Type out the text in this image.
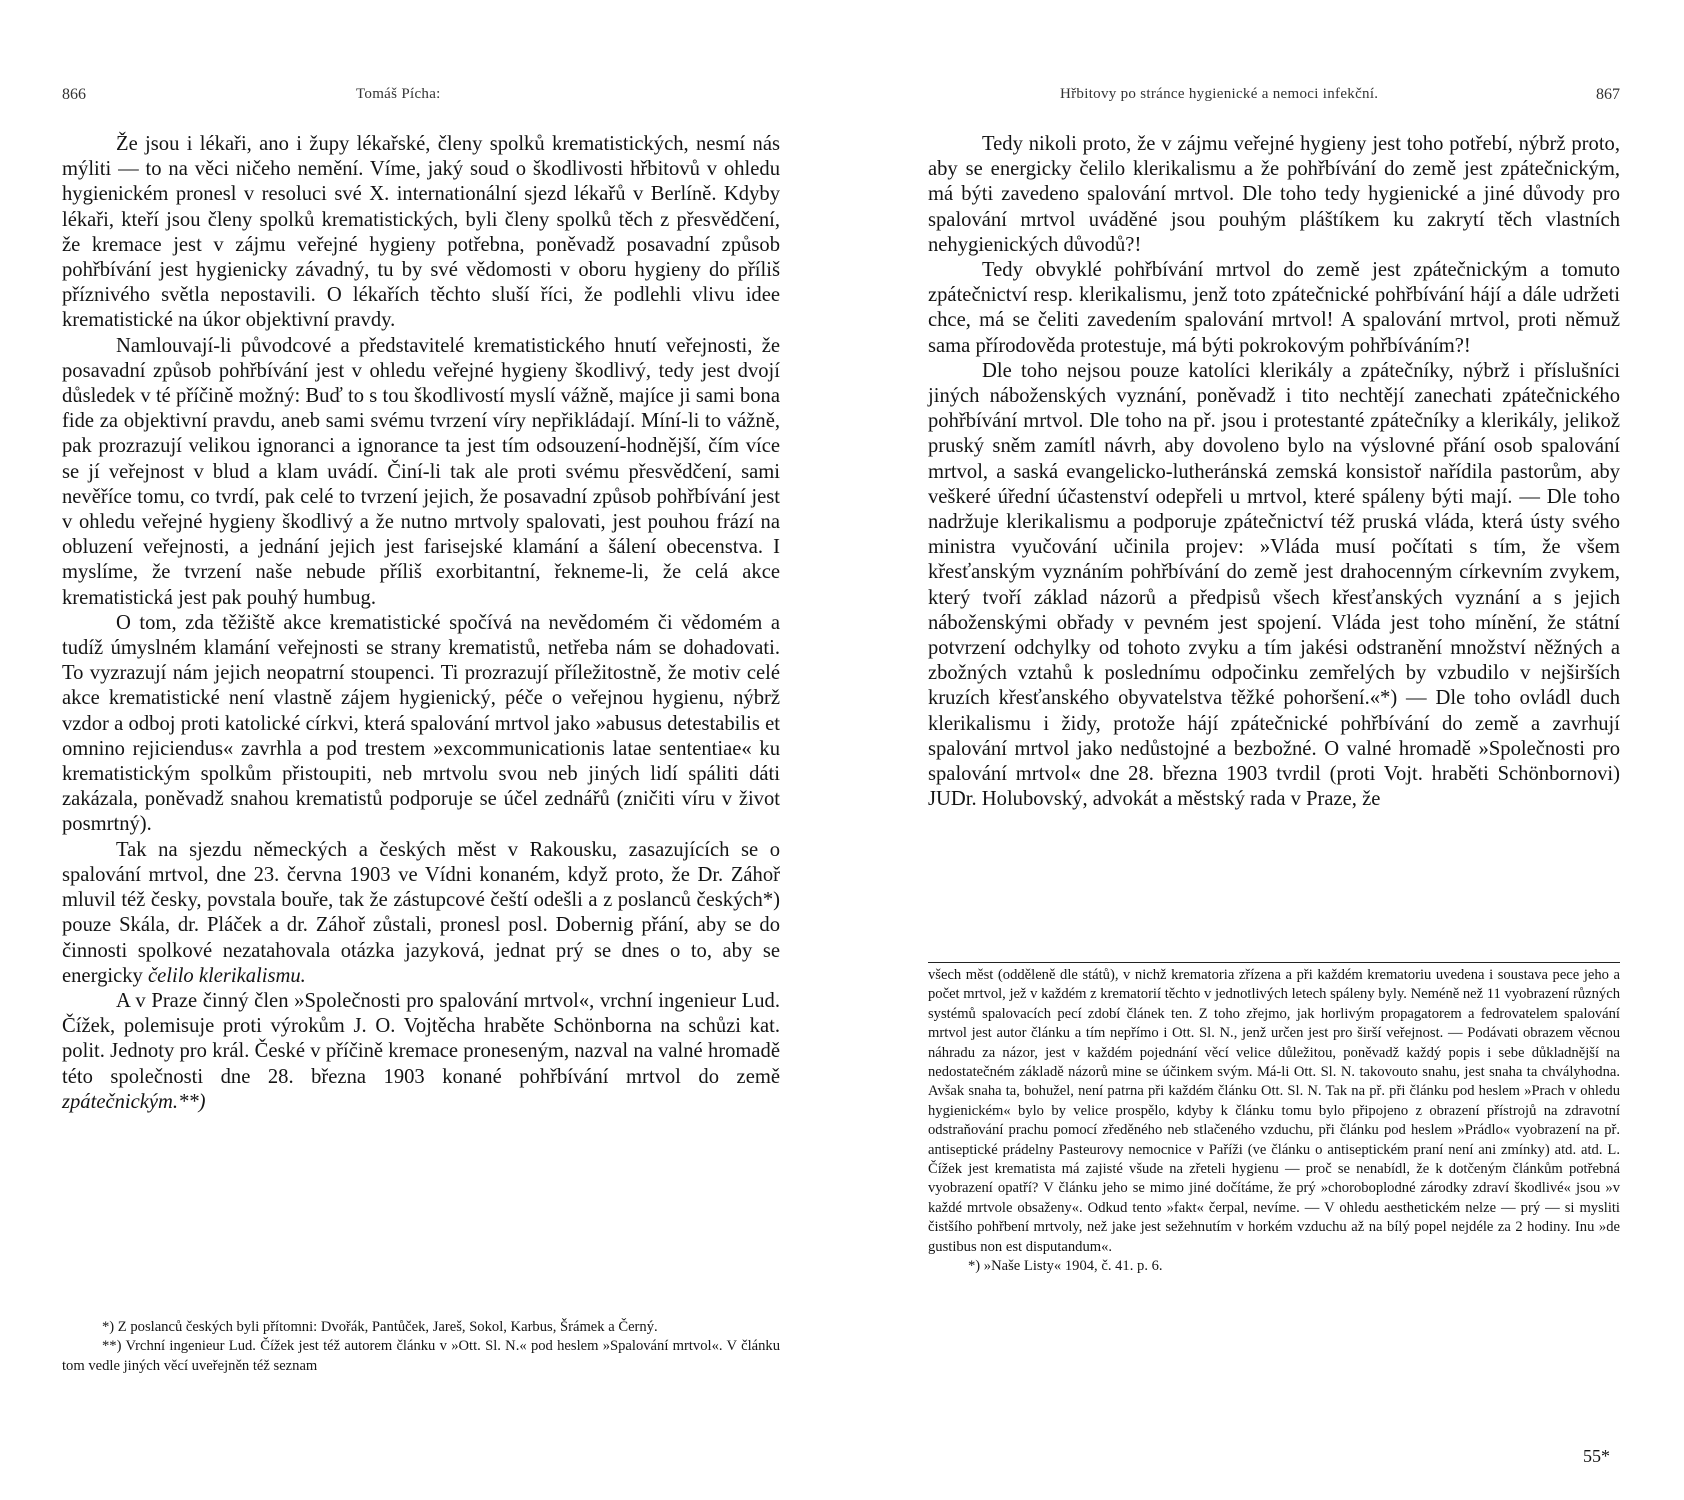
866	Tomáš Pícha:

Že jsou i lékaři, ano i župy lékařské, členy spolků krematistických, nesmí nás mýliti — to na věci ničeho nemění. Víme, jaký soud o škodlivosti hřbitovů v ohledu hygienickém pronesl v resoluci své X. internationální sjezd lékařů v Berlíně. Kdyby lékaři, kteří jsou členy spolků krematistických, byli členy spolků těch z přesvědčení, že kremace jest v zájmu veřejné hygieny potřebna, poněvadž posavadní způsob pohřbívání jest hygienicky závadný, tu by své vědomosti v oboru hygieny do příliš příznivého světla nepostavili. O lékařích těchto sluší říci, že podlehli vlivu idee krematistické na úkor objektivní pravdy.

Namlouvají-li původcové a představitelé krematistického hnutí veřejnosti, že posavadní způsob pohřbívání jest v ohledu veřejné hygieny škodlivý, tedy jest dvojí důsledek v té příčině možný: Buď to s tou škodlivostí myslí vážně, majíce ji sami bona fide za objektivní pravdu, aneb sami svému tvrzení víry nepřikládají. Míní-li to vážně, pak prozrazují velikou ignoranci a ignorance ta jest tím odsouzení-hodnější, čím více se jí veřejnost v blud a klam uvádí. Činí-li tak ale proti svému přesvědčení, sami nevěříce tomu, co tvrdí, pak celé to tvrzení jejich, že posavadní způsob pohřbívání jest v ohledu veřejné hygieny škodlivý a že nutno mrtvoly spalovati, jest pouhou frází na obluzení veřejnosti, a jednání jejich jest farisejské klamání a šálení obecenstva. I myslíme, že tvrzení naše nebude příliš exorbitantní, řekneme-li, že celá akce krematistická jest pak pouhý humbug.

O tom, zda těžiště akce krematistické spočívá na nevědomém či vědomém a tudíž úmyslném klamání veřejnosti se strany krematistů, netřeba nám se dohadovati. To vyzrazují nám jejich neopatrní stoupenci. Ti prozrazují příležitostně, že motiv celé akce krematistické není vlastně zájem hygienický, péče o veřejnou hygienu, nýbrž vzdor a odboj proti katolické církvi, která spalování mrtvol jako »abusus detestabilis et omnino rejiciendus« zavrhla a pod trestem »excommunicationis latae sententiae« ku krematistickým spolkům přistoupiti, neb mrtvolu svou neb jiných lidí spáliti dáti zakázala, poněvadž snahou krematistů podporuje se účel zednářů (zničiti víru v život posmrtný).

Tak na sjezdu německých a českých měst v Rakousku, zasazujících se o spalování mrtvol, dne 23. června 1903 ve Vídni konaném, když proto, že Dr. Záhoř mluvil též česky, povstala bouře, tak že zástupcové čeští odešli a z poslanců českých*) pouze Skála, dr. Pláček a dr. Záhoř zůstali, pronesl posl. Dobernig přání, aby se do činnosti spolkové nezatahovala otázka jazyková, jednat prý se dnes o to, aby se energicky čelilo klerikalismu.

A v Praze činný člen »Společnosti pro spalování mrtvol«, vrchní ingenieur Lud. Čížek, polemisuje proti výrokům J. O. Vojtěcha hraběte Schönborna na schůzi kat. polit. Jednoty pro král. České v příčině kremace proneseným, nazval na valné hromadě této společnosti dne 28. března 1903 konané pohřbívání mrtvol do země zpátečnickým.**)

*) Z poslanců českých byli přítomni: Dvořák, Pantůček, Jareš, Sokol, Karbus, Šrámek a Černý.

**) Vrchní ingenieur Lud. Čížek jest též autorem článku v »Ott. Sl. N.« pod heslem »Spalování mrtvol«. V článku tom vedle jiných věcí uveřejněn též seznam

Hřbitovy po stránce hygienické a nemoci infekční.	867

Tedy nikoli proto, že v zájmu veřejné hygieny jest toho potřebí, nýbrž proto, aby se energicky čelilo klerikalismu a že pohřbívání do země jest zpátečnickým, má býti zavedeno spalování mrtvol. Dle toho tedy hygienické a jiné důvody pro spalování mrtvol uváděné jsou pouhým pláštíkem ku zakrytí těch vlastních nehygienických důvodů?!

Tedy obvyklé pohřbívání mrtvol do země jest zpátečnickým a tomuto zpátečnictví resp. klerikalismu, jenž toto zpátečnické pohřbívání hájí a dále udržeti chce, má se čeliti zavedením spalování mrtvol! A spalování mrtvol, proti němuž sama přírodověda protestuje, má býti pokrokovým pohřbíváním?!

Dle toho nejsou pouze katolíci klerikály a zpátečníky, nýbrž i příslušníci jiných náboženských vyznání, poněvadž i tito nechtějí zanechati zpátečnického pohřbívání mrtvol. Dle toho na př. jsou i protestanté zpátečníky a klerikály, jelikož pruský sněm zamítl návrh, aby dovoleno bylo na výslovné přání osob spalování mrtvol, a saská evangelicko-lutheránská zemská konsistoř nařídila pastorům, aby veškeré úřední účastenství odepřeli u mrtvol, které spáleny býti mají. — Dle toho nadržuje klerikalismu a podporuje zpátečnictví též pruská vláda, která ústy svého ministra vyučování učinila projev: »Vláda musí počítati s tím, že všem křesťanským vyznáním pohřbívání do země jest drahocenným církevním zvykem, který tvoří základ názorů a předpisů všech křesťanských vyznání a s jejich náboženskými obřady v pevném jest spojení. Vláda jest toho mínění, že státní potvrzení odchylky od tohoto zvyku a tím jakési odstranění množství něžných a zbožných vztahů k poslednímu odpočinku zemřelých by vzbudilo v nejširších kruzích křesťanského obyvatelstva těžké pohoršení.«*) — Dle toho ovládl duch klerikalismu i židy, protože hájí zpátečnické pohřbívání do země a zavrhují spalování mrtvol jako nedůstojné a bezbožné. O valné hromadě »Společnosti pro spalování mrtvol« dne 28. března 1903 tvrdil (proti Vojt. hraběti Schönbornovi) JUDr. Holubovský, advokát a městský rada v Praze, že

všech měst (odděleně dle států), v nichž krematoria zřízena a při každém krematoriu uvedena i soustava pece jeho a počet mrtvol, jež v každém z krematorií těchto v jednotlivých letech spáleny byly. Neméně než 11 vyobrazení různých systémů spalovacích pecí zdobí článek ten. Z toho zřejmo, jak horlivým propagatorem a fedrovatelem spalování mrtvol jest autor článku a tím nepřímo i Ott. Sl. N., jenž určen jest pro širší veřejnost. — Podávati obrazem věcnou náhradu za názor, jest v každém pojednání věcí velice důležitou, poněvadž každý popis i sebe důkladnější na nedostatečném základě názorů mine se účinkem svým. Má-li Ott. Sl. N. takovouto snahu, jest snaha ta chvályhodna. Avšak snaha ta, bohužel, není patrna při každém článku Ott. Sl. N. Tak na př. při článku pod heslem »Prach v ohledu hygienickém« bylo by velice prospělo, kdyby k článku tomu bylo připojeno z obrazení přístrojů na zdravotní odstraňování prachu pomocí zředěného neb stlačeného vzduchu, při článku pod heslem »Prádlo« vyobrazení na př. antiseptické prádelny Pasteurovy nemocnice v Paříži (ve článku o antiseptickém praní není ani zmínky) atd. atd. L. Čížek jest krematista má zajisté všude na zřeteli hygienu — proč se nenabídl, že k dotčeným článkům potřebná vyobrazení opatří? V článku jeho se mimo jiné dočítáme, že prý »choroboplodné zárodky zdraví škodlivé« jsou »v každé mrtvole obsaženy«. Odkud tento »fakt« čerpal, nevíme. — V ohledu aesthetickém nelze — prý — si mysliti čistšího pohřbení mrtvoly, než jake jest sežehnutím v horkém vzduchu až na bílý popel nejdéle za 2 hodiny. Inu »de gustibus non est disputandum«.

*) »Naše Listy« 1904, č. 41. p. 6.

55*
